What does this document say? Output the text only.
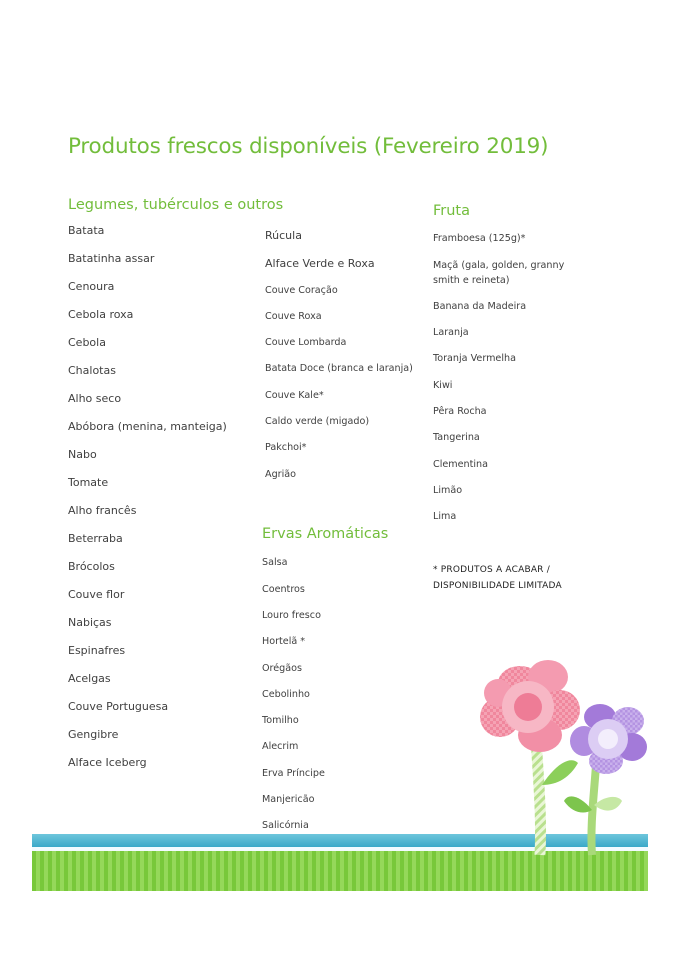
Produtos frescos disponíveis (Fevereiro 2019)
Legumes, tubérculos e outros
Batata
Batatinha assar
Cenoura
Cebola roxa
Cebola
Chalotas
Alho seco
Abóbora (menina, manteiga)
Nabo
Tomate
Alho francês
Beterraba
Brócolos
Couve flor
Nabiças
Espinafres
Acelgas
Couve Portuguesa
Gengibre
Alface Iceberg
Rúcula
Alface Verde e Roxa
Couve Coração
Couve Roxa
Couve Lombarda
Batata Doce (branca e laranja)
Couve Kale*
Caldo verde (migado)
Pakchoi*
Agrião
Ervas Aromáticas
Salsa
Coentros
Louro fresco
Hortelã *
Orégãos
Cebolinho
Tomilho
Alecrim
Erva Príncipe
Manjericão
Salicórnia
Fruta
Framboesa (125g)*
Maçã (gala, golden, granny smith e reineta)
Banana da Madeira
Laranja
Toranja Vermelha
Kiwi
Pêra Rocha
Tangerina
Clementina
Limão
Lima
* PRODUTOS A ACABAR / DISPONIBILIDADE LIMITADA
